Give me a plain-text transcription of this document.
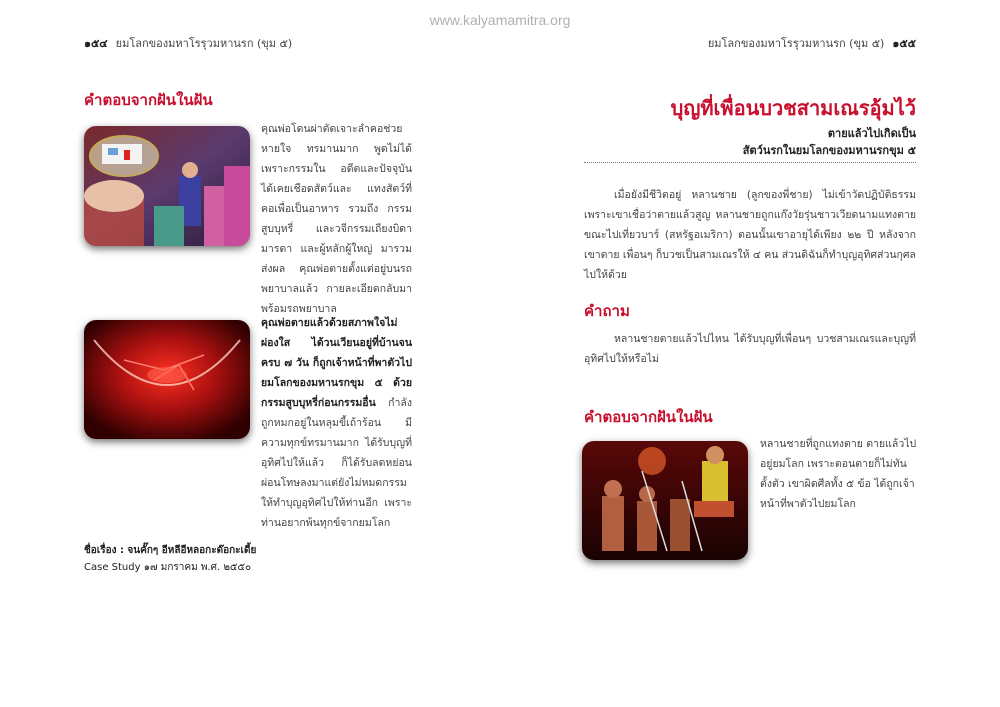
www.kalyamamitra.org
๑๕๔ ยมโลกของมหาโรรุวมหานรก (ขุม ๕)
คำตอบจากฝันในฝัน
คุณพ่อโดนผ่าตัดเจาะลำคอช่วยหายใจ ทรมานมาก พูดไม่ได้ เพราะกรรมใน อดีตและปัจจุบัน ได้เคยเชือดสัตว์และ แทงสัตว์ที่คอเพื่อเป็นอาหาร รวมถึง กรรมสูบบุหรี่ และวจีกรรมเถียงบิดา มารดา และผู้หลักผู้ใหญ่ มารวมส่งผล คุณพ่อตายตั้งแต่อยู่บนรถพยาบาลแล้ว กายละเอียดกลับมาพร้อมรถพยาบาล
คุณพ่อตายแล้วด้วยสภาพใจไม่ผ่องใส ได้วนเวียนอยู่ที่บ้านจนครบ ๗ วัน ก็ถูกเจ้าหน้าที่พาตัวไปยมโลกของมหานรกขุม ๕ ด้วยกรรมสูบบุหรี่ก่อนกรรมอื่น กำลังถูกหมกอยู่ในหลุมขี้เถ้าร้อน มีความทุกข์ทรมานมาก ได้รับบุญที่อุทิศไปให้แล้ว ก็ได้รับลดหย่อนผ่อนโทษลงมาแต่ยังไม่หมดกรรม ให้ทำบุญอุทิศไปให้ท่านอีก เพราะท่านอยากพ้นทุกข์จากยมโลก
ชื่อเรื่อง : จนคั๊กๆ อีหลีอีหลอกะด๊อกะเดี้ย
Case Study ๑๗ มกราคม พ.ศ. ๒๕๕๐
ยมโลกของมหาโรรุวมหานรก (ขุม ๕) ๑๕๕
บุญที่เพื่อนบวชสามเณรอุ้มไว้
ตายแล้วไปเกิดเป็น
สัตว์นรกในยมโลกของมหานรกขุม ๕
เมื่อยังมีชีวิตอยู่ หลานชาย (ลูกของพี่ชาย) ไม่เข้าวัดปฏิบัติธรรม เพราะเขาเชื่อว่าตายแล้วสูญ หลานชายถูกแก๊งวัยรุ่นชาวเวียดนามแทงตาย ขณะไปเที่ยวบาร์ (สหรัฐอเมริกา) ตอนนั้นเขาอายุได้เพียง ๒๒ ปี หลังจากเขาตาย เพื่อนๆ ก็บวชเป็นสามเณรให้ ๔ คน ส่วนดิฉันก็ทำบุญอุทิศส่วนกุศลไปให้ด้วย
คำถาม
หลานชายตายแล้วไปไหน ได้รับบุญที่เพื่อนๆ บวชสามเณรและบุญที่อุทิศไปให้หรือไม่
คำตอบจากฝันในฝัน
หลานชายที่ถูกแทงตาย ตายแล้วไปอยู่ยมโลก เพราะตอนตายก็ไม่ทันตั้งตัว เขาผิดศีลทั้ง ๕ ข้อ ได้ถูกเจ้าหน้าที่พาตัวไปยมโลก
